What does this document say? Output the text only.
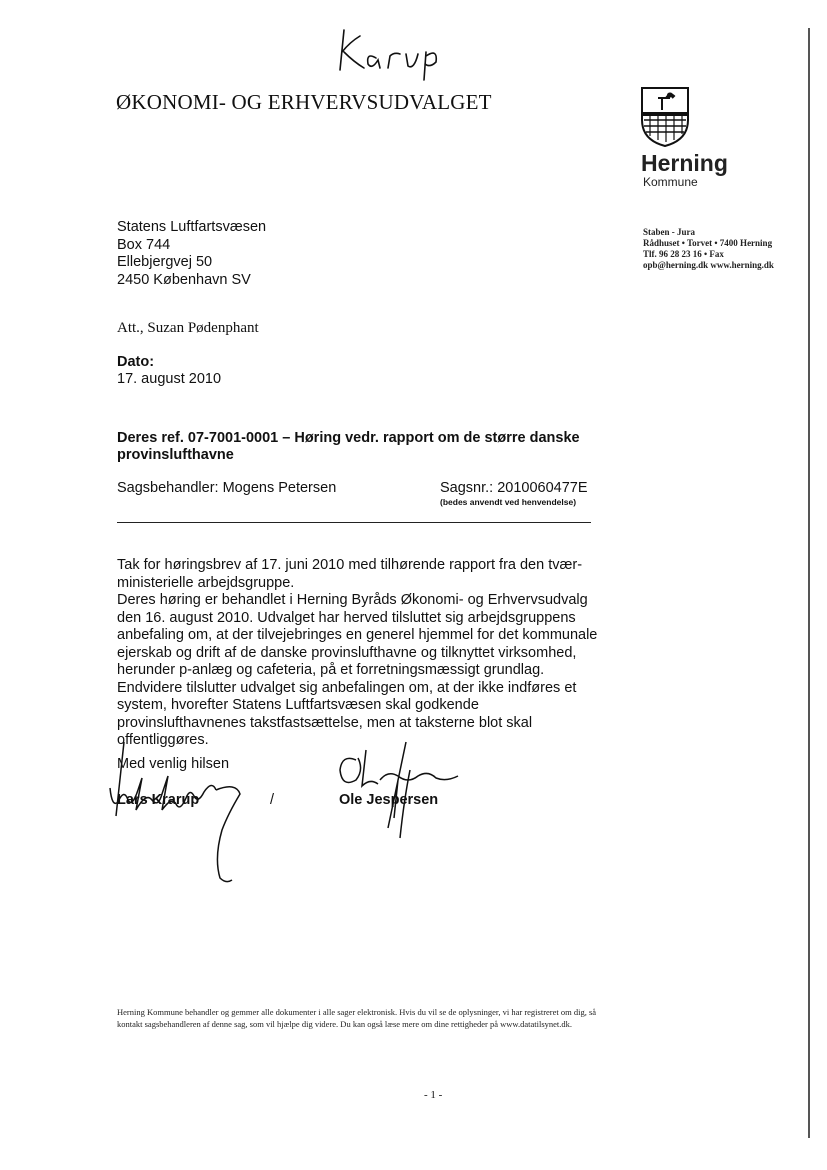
ØKONOMI- OG ERHVERVSUDVALGET
Herning
Kommune
Staben - Jura
Rådhuset • Torvet • 7400 Herning
Tlf. 96 28 23 16 • Fax
opb@herning.dk www.herning.dk
Statens Luftfartsvæsen
Box 744
Ellebjergvej 50
2450 København SV
Att., Suzan Pødenphant
Dato:
17. august 2010
Deres ref. 07-7001-0001 – Høring vedr. rapport om de større danske provinslufthavne
Sagsbehandler: Mogens Petersen	Sagsnr.: 2010060477E
(bedes anvendt ved henvendelse)

Tak for høringsbrev af 17. juni 2010 med tilhørende rapport fra den tvær-ministerielle arbejdsgruppe.

Deres høring er behandlet i Herning Byråds Økonomi- og Erhvervsudvalg den 16. august 2010. Udvalget har herved tilsluttet sig arbejdsgruppens anbefaling om, at der tilvejebringes en generel hjemmel for det kommunale ejerskab og drift af de danske provinslufthavne og tilknyttet virksomhed, herunder p-anlæg og cafeteria, på et forretningsmæssigt grundlag. Endvidere tilslutter udvalget sig anbefalingen om, at der ikke indføres et system, hvorefter Statens Luftfartsvæsen skal godkende provinslufthavnenes takstfastsættelse, men at taksterne blot skal offentliggøres.

Med venlig hilsen
Lars Krarup	/	Ole Jespersen
Herning Kommune behandler og gemmer alle dokumenter i alle sager elektronisk. Hvis du vil se de oplysninger, vi har registreret om dig, så kontakt sagsbehandleren af denne sag, som vil hjælpe dig videre. Du kan også læse mere om dine rettigheder på www.datatilsynet.dk.
- 1 -
